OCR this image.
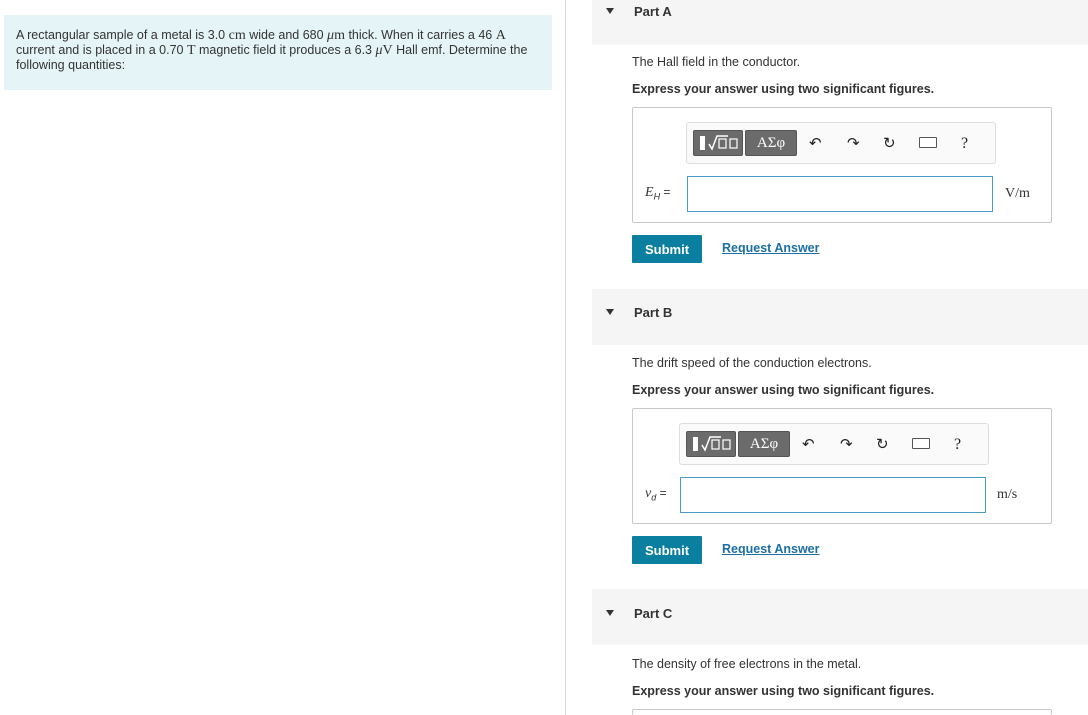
A rectangular sample of a metal is 3.0 cm wide and 680 μm thick. When it carries a 46 A current and is placed in a 0.70 T magnetic field it produces a 6.3 μV Hall emf. Determine the following quantities:
Part A
The Hall field in the conductor.
Express your answer using two significant figures.
ΑΣφ	↶ ↷ ↻	?
$E_H$ =	V/m
Submit	Request Answer
Part B
The drift speed of the conduction electrons.
Express your answer using two significant figures.
ΑΣφ	↶ ↷ ↻	?
$v_d$ =	m/s
Submit	Request Answer
Part C
The density of free electrons in the metal.
Express your answer using two significant figures.
